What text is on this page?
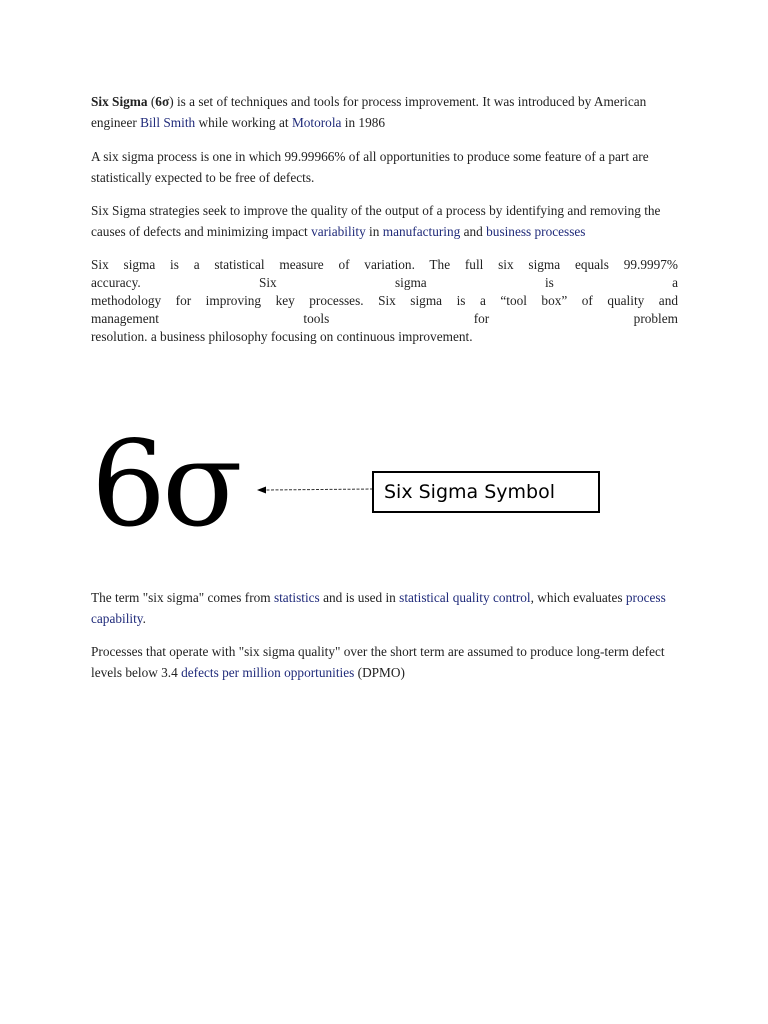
Six Sigma (6σ) is a set of techniques and tools for process improvement. It was introduced by American engineer Bill Smith while working at Motorola in 1986

A six sigma process is one in which 99.99966% of all opportunities to produce some feature of a part are statistically expected to be free of defects.

Six Sigma strategies seek to improve the quality of the output of a process by identifying and removing the causes of defects and minimizing impact variability in manufacturing and business processes

Six sigma is a statistical measure of variation. The full six sigma equals 99.9997%
accuracy. Six sigma is a
methodology for improving key processes. Six sigma is a “tool box” of quality and
management tools for problem
resolution. a business philosophy focusing on continuous improvement.

6σ	Six Sigma Symbol

The term "six sigma" comes from statistics and is used in statistical quality control, which evaluates process capability.

Processes that operate with "six sigma quality" over the short term are assumed to produce long-term defect levels below 3.4 defects per million opportunities (DPMO)
